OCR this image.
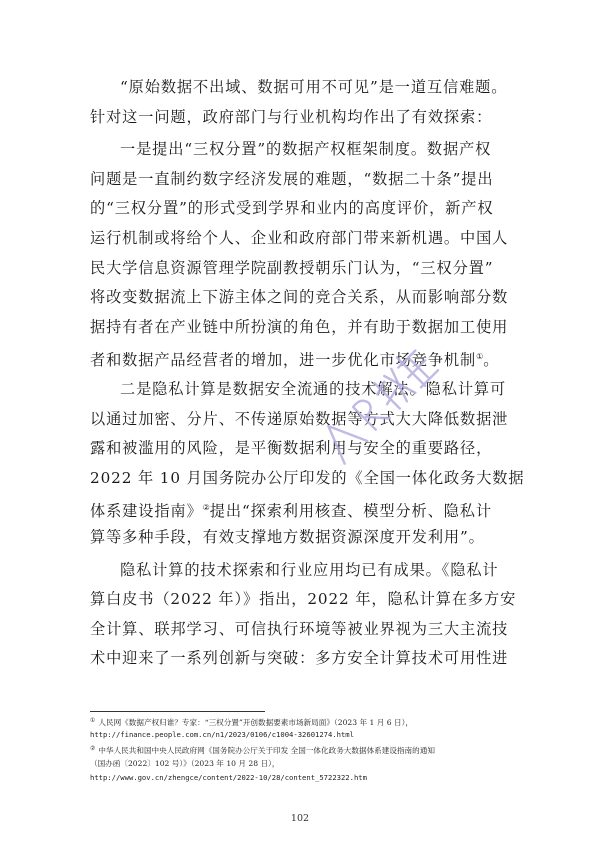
“原始数据不出域、数据可用不可见”是一道互信难题。
针对这一问题，政府部门与行业机构均作出了有效探索：
一是提出“三权分置”的数据产权框架制度。数据产权
问题是一直制约数字经济发展的难题，“数据二十条”提出
的“三权分置”的形式受到学界和业内的高度评价，新产权
运行机制或将给个人、企业和政府部门带来新机遇。中国人
民大学信息资源管理学院副教授朝乐门认为，“三权分置”
将改变数据流上下游主体之间的竞合关系，从而影响部分数
据持有者在产业链中所扮演的角色，并有助于数据加工使用
者和数据产品经营者的增加，进一步优化市场竞争机制①。
二是隐私计算是数据安全流通的技术解法。隐私计算可
以通过加密、分片、不传递原始数据等方式大大降低数据泄
露和被滥用的风险，是平衡数据利用与安全的重要路径，
2022 年 10 月国务院办公厅印发的《全国一体化政务大数据
体系建设指南》②提出“探索利用核查、模型分析、隐私计
算等多种手段，有效支撑地方数据资源深度开发利用”。
隐私计算的技术探索和行业应用均已有成果。《隐私计
算白皮书（2022 年）》指出，2022 年，隐私计算在多方安
全计算、联邦学习、可信执行环境等被业界视为三大主流技
术中迎来了一系列创新与突破：多方安全计算技术可用性进
① 人民网《数据产权归谁？专家：“三权分置”开创数据要素市场新局面》（2023 年 1 月 6 日），
http://finance.people.com.cn/n1/2023/0106/c1004-32601274.html
② 中华人民共和国中央人民政府网《国务院办公厅关于印发 全国一体化政务大数据体系建设指南的通知
（国办函〔2022〕102 号）》（2023 年 10 月 28 日），
http://www.gov.cn/zhengce/content/2022-10/28/content_5722322.htm
102
